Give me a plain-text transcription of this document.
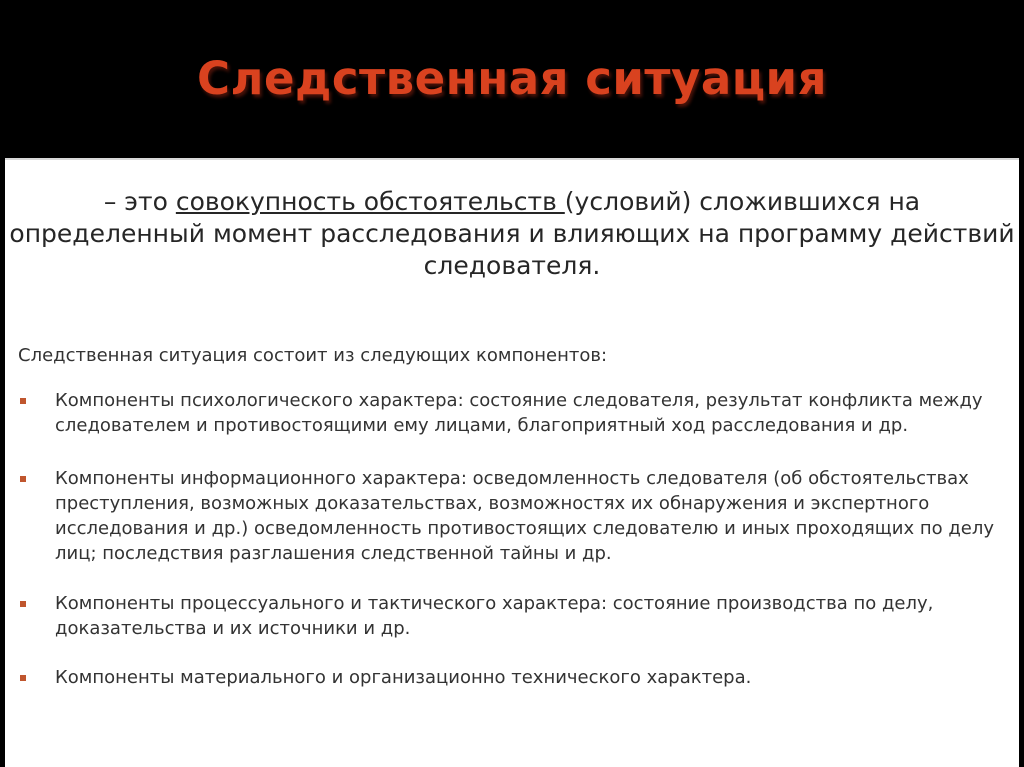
Следственная ситуация

– это совокупность обстоятельств (условий) сложившихся на определенный момент расследования и влияющих на программу действий следователя.

Следственная ситуация состоит из следующих компонентов:

Компоненты психологического характера: состояние следователя, результат конфликта между следователем и противостоящими ему лицами, благоприятный ход расследования и др.
Компоненты информационного характера: осведомленность следователя (об обстоятельствах преступления, возможных доказательствах, возможностях их обнаружения и экспертного исследования и др.) осведомленность противостоящих следователю и иных проходящих по делу лиц; последствия разглашения следственной тайны и др.
Компоненты процессуального и тактического характера: состояние производства по делу, доказательства и их источники и др.
Компоненты материального и организационно технического характера.
